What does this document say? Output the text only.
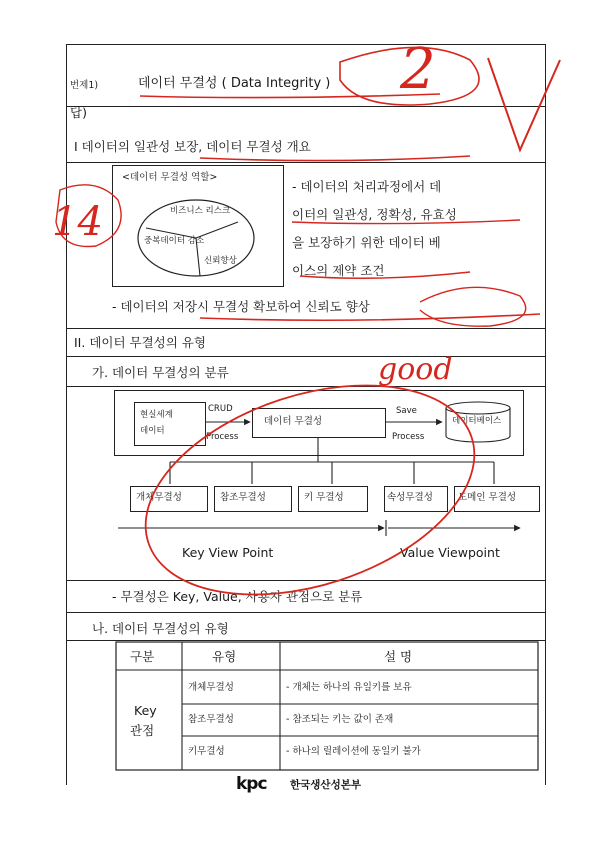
번제1)	데이터 무결성 ( Data Integrity )
답)
I 데이터의 일관성 보장, 데이터 무결성 개요
<데이터 무결성 역할>
비즈니스 리스크
중복데이터 감소
신뢰향상
- 데이터의 처리과정에서 데
이터의 일관성, 정확성, 유효성
을 보장하기 위한 데이터 베
이스의 제약 조건
- 데이터의 저장시 무결성 확보하여 신뢰도 향상
II. 데이터 무결성의 유형
가. 데이터 무결성의 분류
현실세계
데이터
CRUD
Process
데이터 무결성
Save
Process
데이터베이스
개체무결성	참조무결성	키 무결성	속성무결성	도메인 무결성
Key View Point	Value Viewpoint
- 무결성은 Key, Value, 사용자 관점으로 분류
나. 데이터 무결성의 유형
구분	유형	설 명
Key
관점
개체무결성	- 개체는 하나의 유일키를 보유
참조무결성	- 참조되는 키는 값이 존재
키무결성	- 하나의 릴레이션에 동일키 불가
14
2
good
kpc 한국생산성본부
